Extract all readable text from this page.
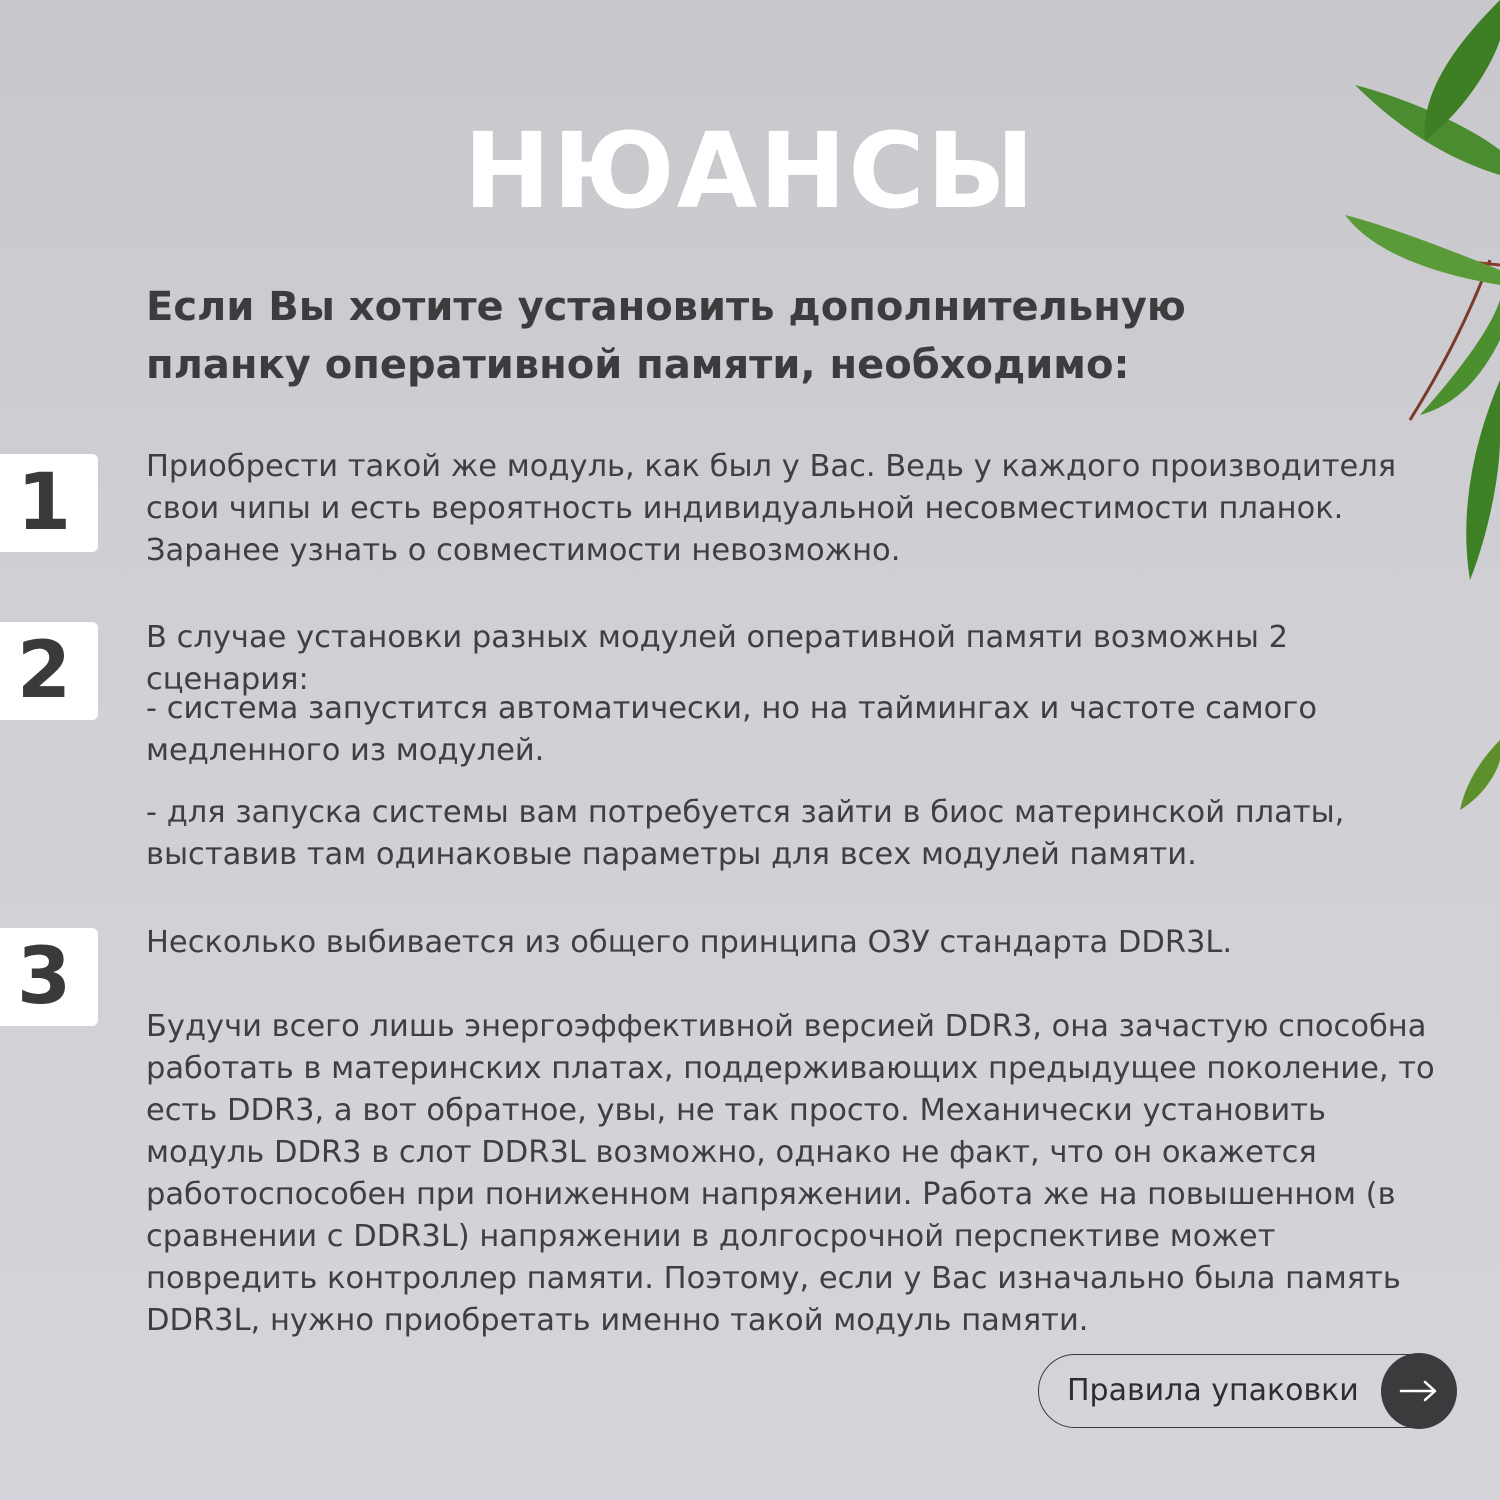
НЮАНСЫ

Если Вы хотите установить дополнительную планку оперативной памяти, необходимо:

1	Приобрести такой же модуль, как был у Вас. Ведь у каждого производителя свои чипы и есть вероятность индивидуальной несовместимости планок. Заранее узнать о совместимости невозможно.

2	В случае установки разных модулей оперативной памяти возможны 2 сценария:

- система запустится автоматически, но на таймингах и частоте самого медленного из модулей.

- для запуска системы вам потребуется зайти в биос материнской платы, выставив там одинаковые параметры для всех модулей памяти.

3	Несколько выбивается из общего принципа ОЗУ стандарта DDR3L.

Будучи всего лишь энергоэффективной версией DDR3, она зачастую способна работать в материнских платах, поддерживающих предыдущее поколение, то есть DDR3, а вот обратное, увы, не так просто. Механически установить модуль DDR3 в слот DDR3L возможно, однако не факт, что он окажется работоспособен при пониженном напряжении. Работа же на повышенном (в сравнении с DDR3L) напряжении в долгосрочной перспективе может повредить контроллер памяти. Поэтому, если у Вас изначально была память DDR3L, нужно приобретать именно такой модуль памяти.

Правила упаковки
